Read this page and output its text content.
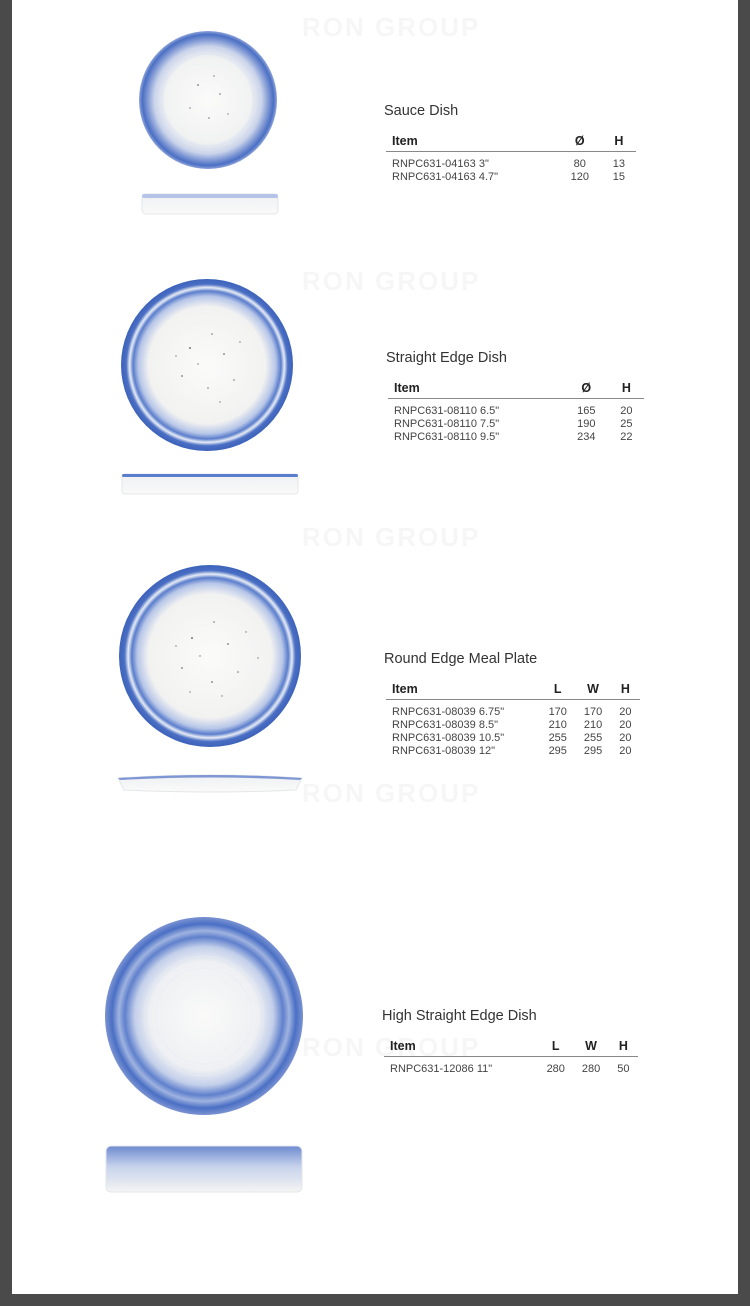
Sauce Dish
Item	Ø	H
RNPC631-04163 3"	80	13
RNPC631-04163 4.7"	120	15
Straight Edge Dish
Item	Ø	H
RNPC631-08110 6.5"	165	20
RNPC631-08110 7.5"	190	25
RNPC631-08110 9.5"	234	22
Round Edge Meal Plate
Item	L	W	H
RNPC631-08039 6.75"	170	170	20
RNPC631-08039 8.5"	210	210	20
RNPC631-08039 10.5"	255	255	20
RNPC631-08039 12"	295	295	20
High Straight Edge Dish
Item	L	W	H
RNPC631-12086 11"	280	280	50
